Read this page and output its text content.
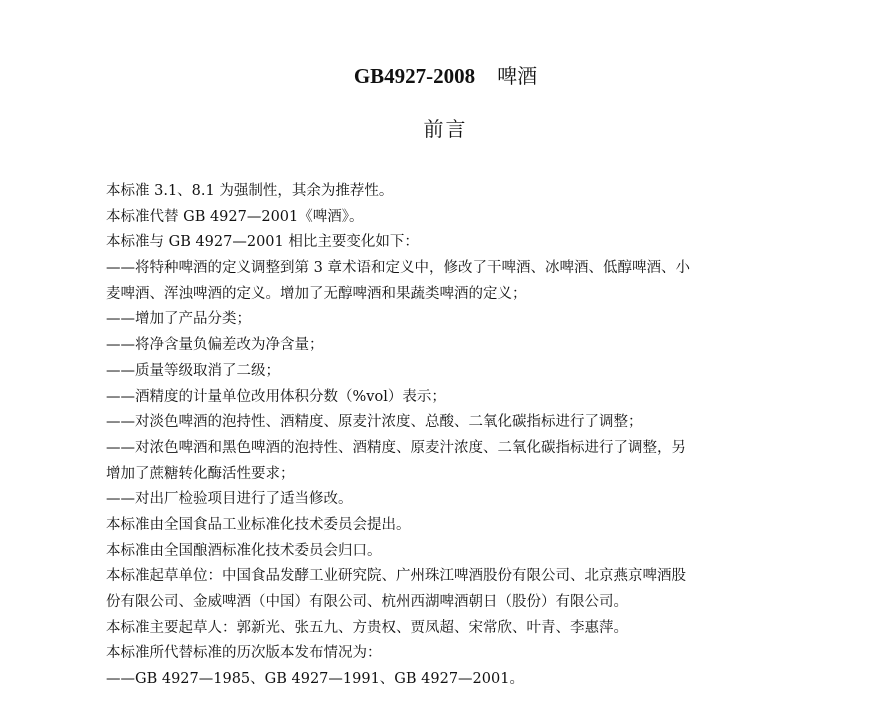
GB4927-2008 啤酒
前言
本标准 3.1、8.1 为强制性，其余为推荐性。
本标准代替 GB 4927—2001《啤酒》。
本标准与 GB 4927—2001 相比主要变化如下：
——将特种啤酒的定义调整到第 3 章术语和定义中，修改了干啤酒、冰啤酒、低醇啤酒、小
麦啤酒、浑浊啤酒的定义。增加了无醇啤酒和果蔬类啤酒的定义；
——增加了产品分类；
——将净含量负偏差改为净含量；
——质量等级取消了二级；
——酒精度的计量单位改用体积分数（%vol）表示；
——对淡色啤酒的泡持性、酒精度、原麦汁浓度、总酸、二氧化碳指标进行了调整；
——对浓色啤酒和黑色啤酒的泡持性、酒精度、原麦汁浓度、二氧化碳指标进行了调整，另
增加了蔗糖转化酶活性要求；
——对出厂检验项目进行了适当修改。
本标准由全国食品工业标准化技术委员会提出。
本标准由全国酿酒标准化技术委员会归口。
本标准起草单位：中国食品发酵工业研究院、广州珠江啤酒股份有限公司、北京燕京啤酒股
份有限公司、金威啤酒（中国）有限公司、杭州西湖啤酒朝日（股份）有限公司。
本标准主要起草人：郭新光、张五九、方贵权、贾凤超、宋常欣、叶青、李惠萍。
本标准所代替标准的历次版本发布情况为：
——GB 4927—1985、GB 4927—1991、GB 4927—2001。
